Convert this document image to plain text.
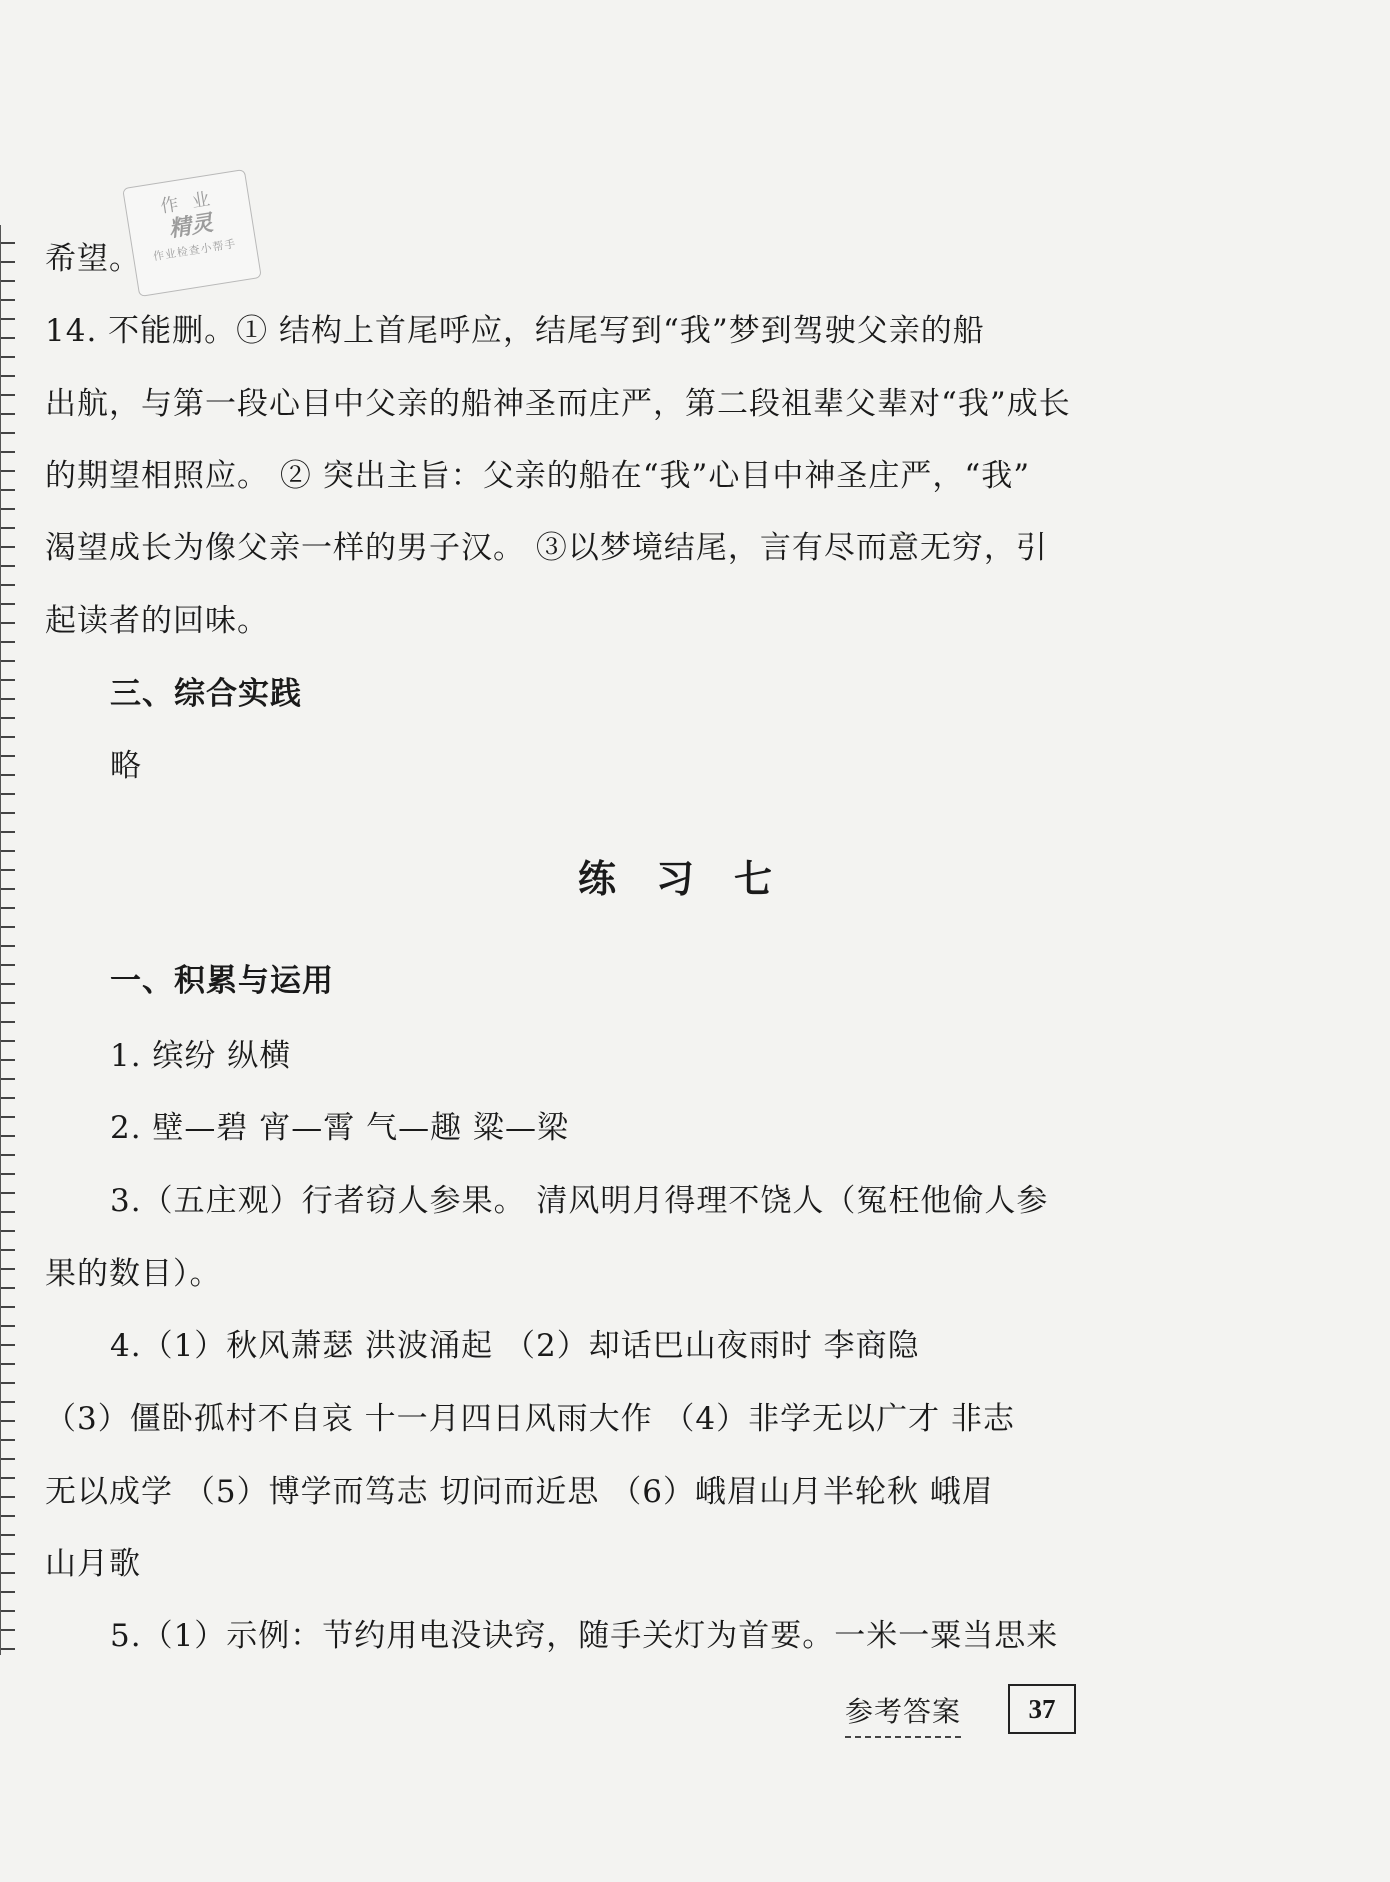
作 业
精灵
作业检查小帮手
希望。
14. 不能删。① 结构上首尾呼应，结尾写到“我”梦到驾驶父亲的船
出航，与第一段心目中父亲的船神圣而庄严，第二段祖辈父辈对“我”成长
的期望相照应。 ② 突出主旨：父亲的船在“我”心目中神圣庄严，“我”
渴望成长为像父亲一样的男子汉。 ③以梦境结尾，言有尽而意无穷，引
起读者的回味。
三、综合实践
略
练习七
一、积累与运用
1. 缤纷 纵横
2. 壁—碧 宵—霄 气—趣 粱—梁
3.（五庄观）行者窃人参果。 清风明月得理不饶人（冤枉他偷人参
果的数目）。
4.（1）秋风萧瑟 洪波涌起 （2）却话巴山夜雨时 李商隐
（3）僵卧孤村不自哀 十一月四日风雨大作 （4）非学无以广才 非志
无以成学 （5）博学而笃志 切问而近思 （6）峨眉山月半轮秋 峨眉
山月歌
5.（1）示例：节约用电没诀窍，随手关灯为首要。一米一粟当思来
参考答案	37
